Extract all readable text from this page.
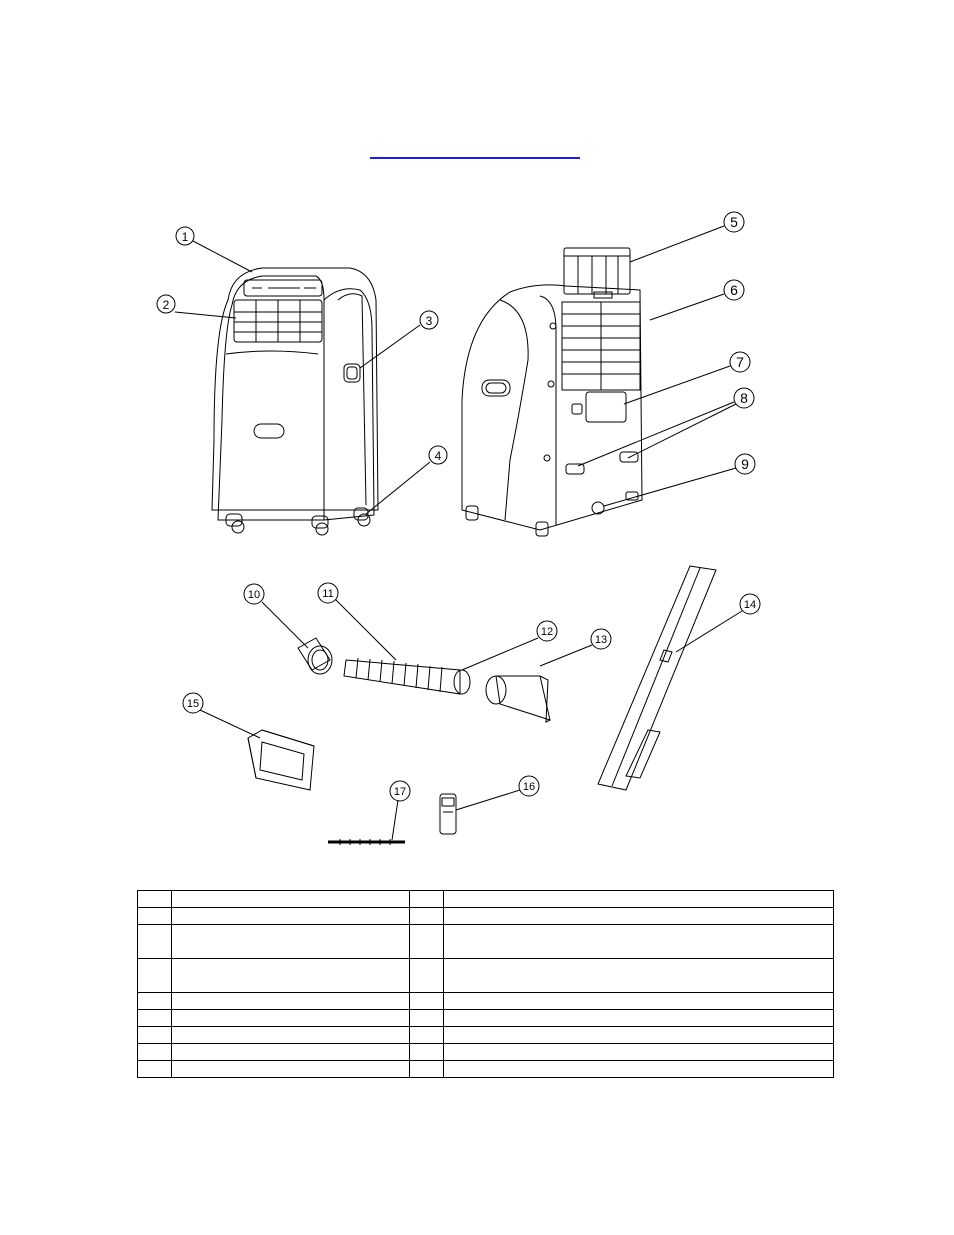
1
2
3
4
5
6
7
8
9
10	11
12
13
14
15
16
17
